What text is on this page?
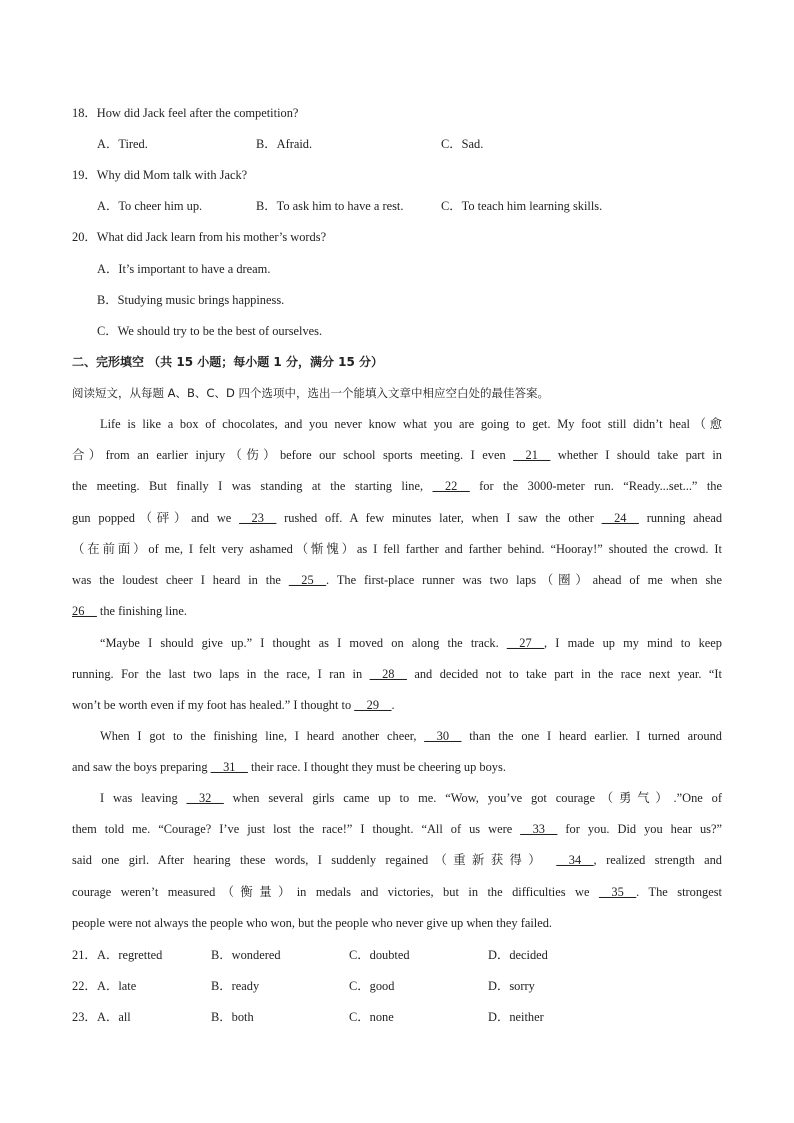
18．How did Jack feel after the competition?
A．Tired.	B．Afraid.	C．Sad.
19．Why did Mom talk with Jack?
A．To cheer him up.	B．To ask him to have a rest.	C．To teach him learning skills.
20．What did Jack learn from his mother’s words?
A．It’s important to have a dream.
B．Studying music brings happiness.
C．We should try to be the best of ourselves.
二、完形填空 （共 15 小题；每小题 1 分，满分 15 分）
阅读短文，从每题 A、B、C、D 四个选项中，选出一个能填入文章中相应空白处的最佳答案。
Life is like a box of chocolates, and you never know what you are going to get. My foot still didn’t heal（愈
合）from an earlier injury（伤）before our school sports meeting. I even __21__ whether I should take part in
the meeting. But finally I was standing at the starting line, __22__ for the 3000-meter run. “Ready...set...” the
gun popped（砰）and we __23__ rushed off. A few minutes later, when I saw the other __24__ running ahead
（在前面）of me, I felt very ashamed（惭愧）as I fell farther and farther behind. “Hooray!” shouted the crowd. It
was the loudest cheer I heard in the __25__. The first-place runner was two laps（圈）ahead of me when she
26__ the finishing line.
“Maybe I should give up.” I thought as I moved on along the track. __27__, I made up my mind to keep
running. For the last two laps in the race, I ran in __28__ and decided not to take part in the race next year. “It
won’t be worth even if my foot has healed.” I thought to __29__.
When I got to the finishing line, I heard another cheer, __30__ than the one I heard earlier. I turned around
and saw the boys preparing __31__ their race. I thought they must be cheering up boys.
I was leaving __32__ when several girls came up to me. “Wow, you’ve got courage（勇气）.”One of
them told me. “Courage? I’ve just lost the race!” I thought. “All of us were __33__ for you. Did you hear us?”
said one girl. After hearing these words, I suddenly regained（重新获得） __34__, realized strength and
courage weren’t measured（衡量）in medals and victories, but in the difficulties we __35__. The strongest
people were not always the people who won, but the people who never give up when they failed.
21． A．regretted	B．wondered	C．doubted	D．decided
22． A．late	B．ready	C．good	D．sorry
23． A．all	B．both	C．none	D．neither
